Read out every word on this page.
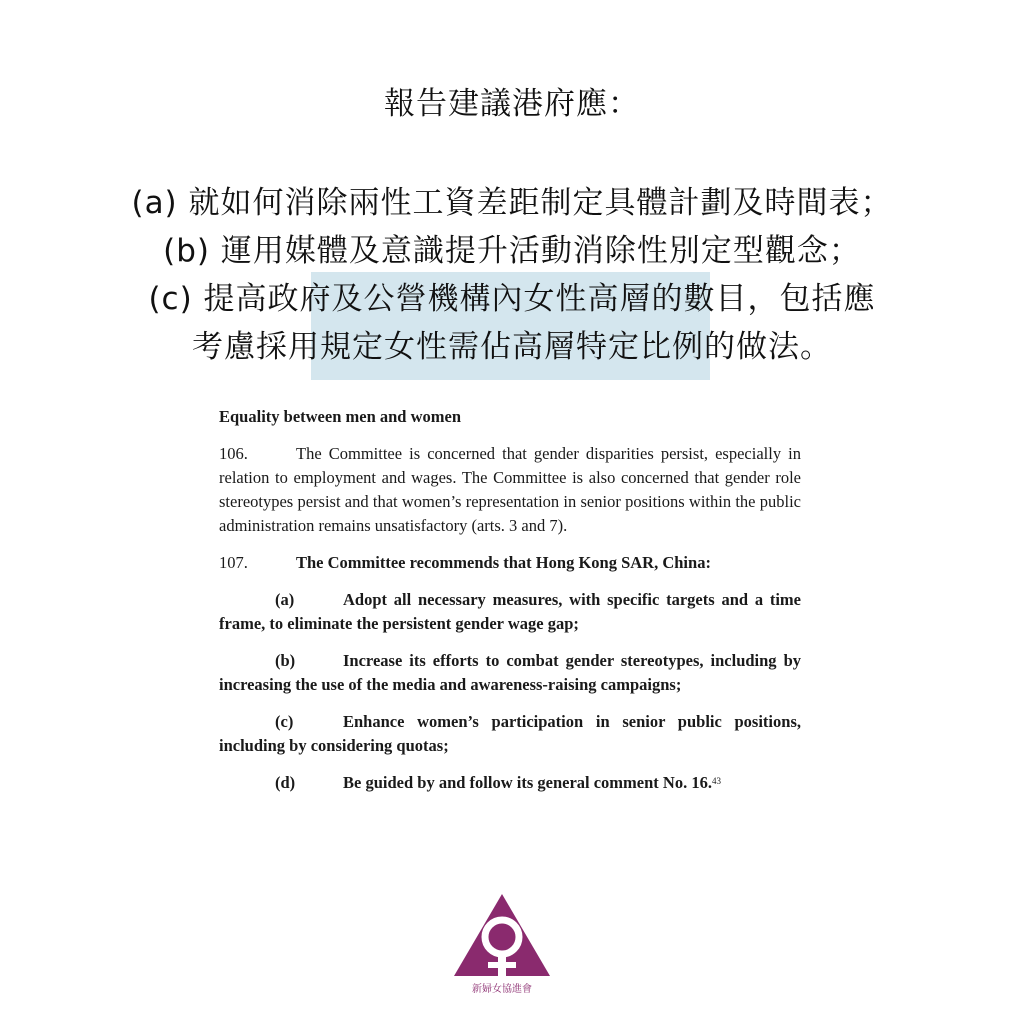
報告建議港府應：
(a) 就如何消除兩性工資差距制定具體計劃及時間表；
(b) 運用媒體及意識提升活動消除性別定型觀念；
(c) 提高政府及公營機構內女性高層的數目，包括應
考慮採用規定女性需佔高層特定比例的做法。

Equality between men and women

106.	The Committee is concerned that gender disparities persist, especially in relation to employment and wages. The Committee is also concerned that gender role stereotypes persist and that women’s representation in senior positions within the public administration remains unsatisfactory (arts. 3 and 7).

107.	The Committee recommends that Hong Kong SAR, China:

(a)	Adopt all necessary measures, with specific targets and a time frame, to eliminate the persistent gender wage gap;

(b)	Increase its efforts to combat gender stereotypes, including by increasing the use of the media and awareness-raising campaigns;

(c)	Enhance women’s participation in senior public positions, including by considering quotas;

(d)	Be guided by and follow its general comment No. 16.43

新婦女協進會
